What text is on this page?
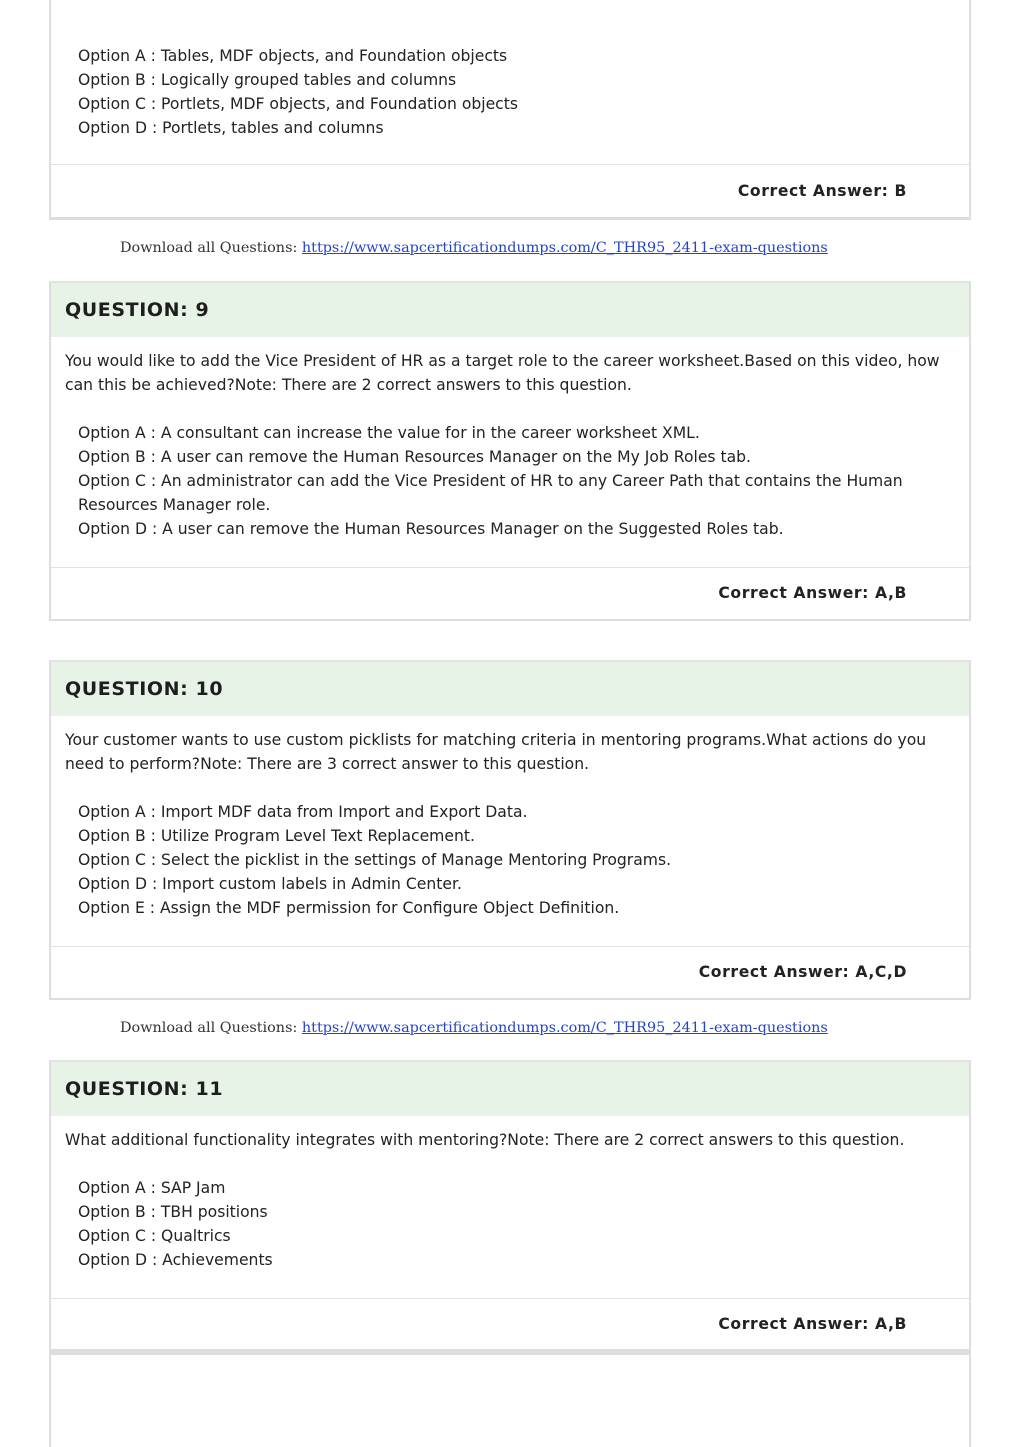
Option A : Tables, MDF objects, and Foundation objects
Option B : Logically grouped tables and columns
Option C : Portlets, MDF objects, and Foundation objects
Option D : Portlets, tables and columns
Correct Answer: B
Download all Questions: https://www.sapcertificationdumps.com/C_THR95_2411-exam-questions
QUESTION: 9
You would like to add the Vice President of HR as a target role to the career worksheet.Based on this video, how can this be achieved?Note: There are 2 correct answers to this question.
Option A : A consultant can increase the value for in the career worksheet XML.
Option B : A user can remove the Human Resources Manager on the My Job Roles tab.
Option C : An administrator can add the Vice President of HR to any Career Path that contains the Human Resources Manager role.
Option D : A user can remove the Human Resources Manager on the Suggested Roles tab.
Correct Answer: A,B
QUESTION: 10
Your customer wants to use custom picklists for matching criteria in mentoring programs.What actions do you need to perform?Note: There are 3 correct answer to this question.
Option A : Import MDF data from Import and Export Data.
Option B : Utilize Program Level Text Replacement.
Option C : Select the picklist in the settings of Manage Mentoring Programs.
Option D : Import custom labels in Admin Center.
Option E : Assign the MDF permission for Configure Object Definition.
Correct Answer: A,C,D
Download all Questions: https://www.sapcertificationdumps.com/C_THR95_2411-exam-questions
QUESTION: 11
What additional functionality integrates with mentoring?Note: There are 2 correct answers to this question.
Option A : SAP Jam
Option B : TBH positions
Option C : Qualtrics
Option D : Achievements
Correct Answer: A,B
